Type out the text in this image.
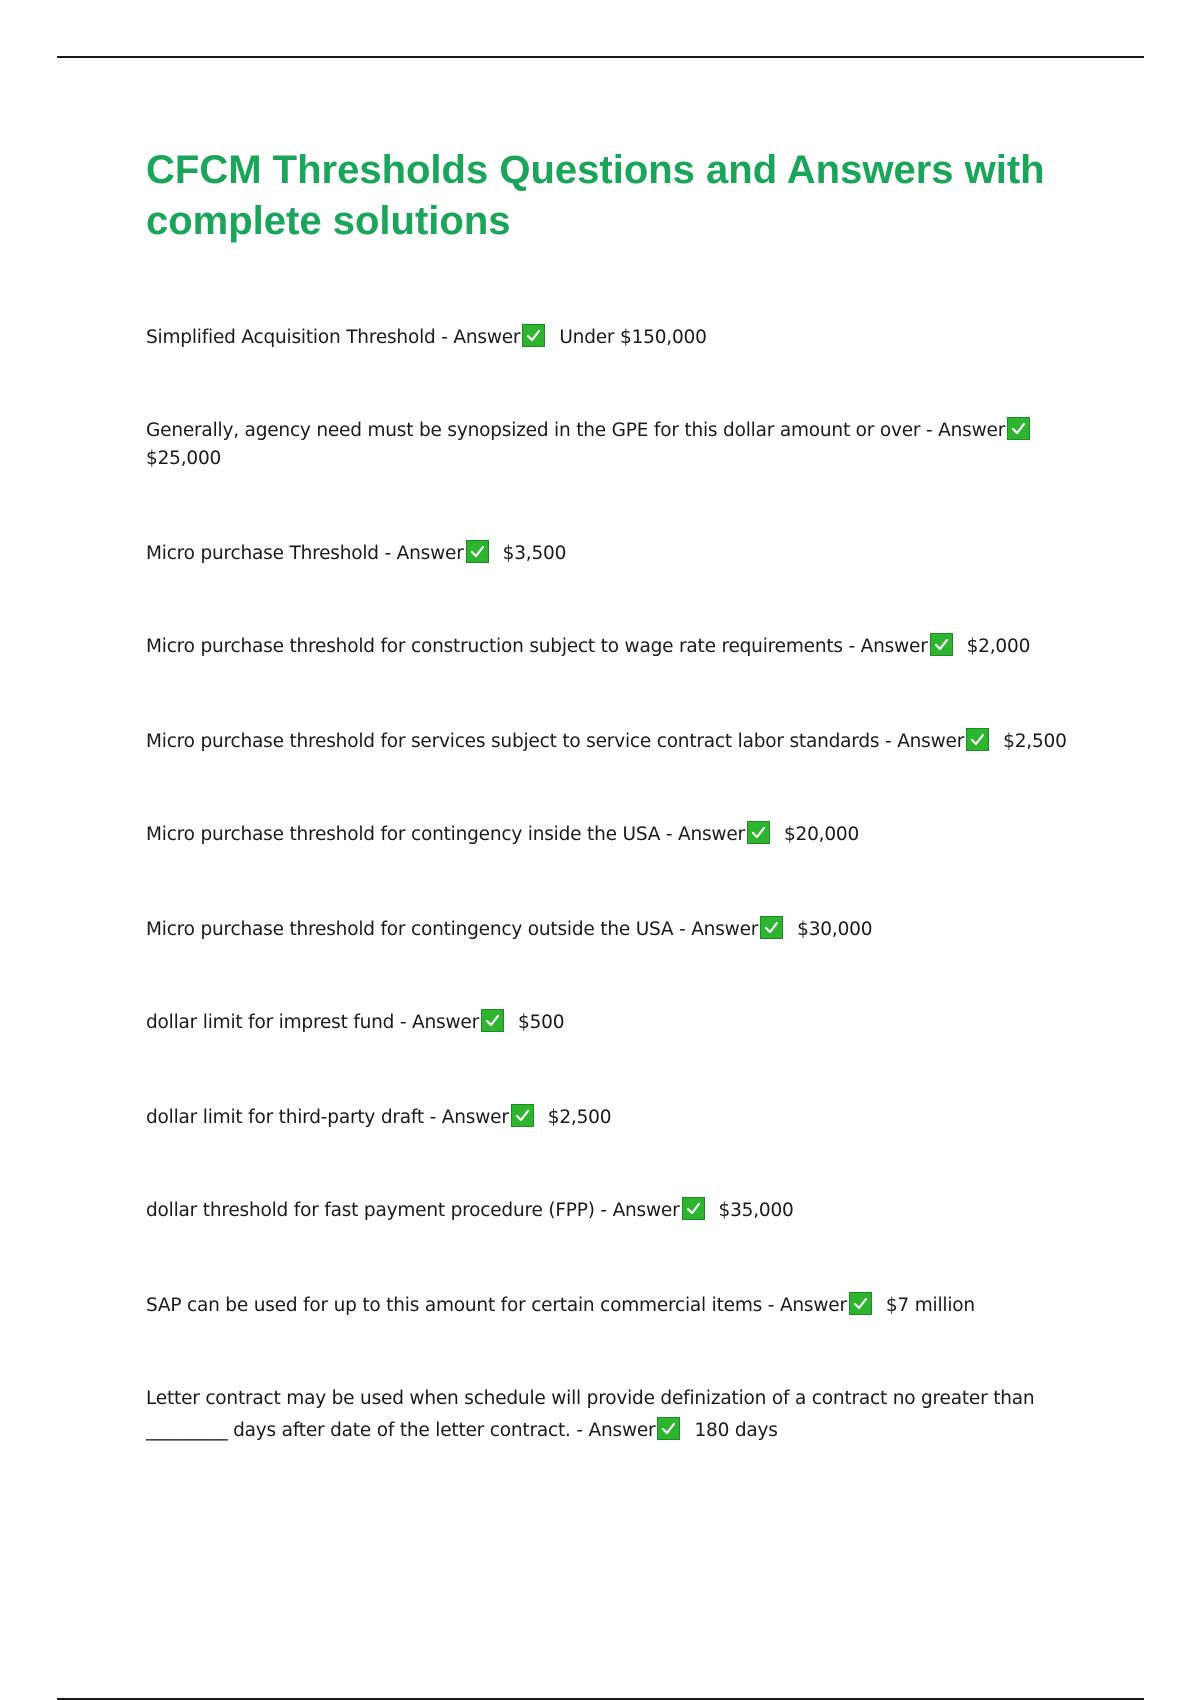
CFCM Thresholds Questions and Answers with complete solutions

Simplified Acquisition Threshold - Answer Under $150,000

Generally, agency need must be synopsized in the GPE for this dollar amount or over - Answer

$25,000

Micro purchase Threshold - Answer $3,500

Micro purchase threshold for construction subject to wage rate requirements - Answer $2,000

Micro purchase threshold for services subject to service contract labor standards - Answer $2,500

Micro purchase threshold for contingency inside the USA - Answer $20,000

Micro purchase threshold for contingency outside the USA - Answer $30,000

dollar limit for imprest fund - Answer $500

dollar limit for third-party draft - Answer $2,500

dollar threshold for fast payment procedure (FPP) - Answer $35,000

SAP can be used for up to this amount for certain commercial items - Answer $7 million

Letter contract may be used when schedule will provide definization of a contract no greater than _________ days after date of the letter contract. - Answer 180 days
